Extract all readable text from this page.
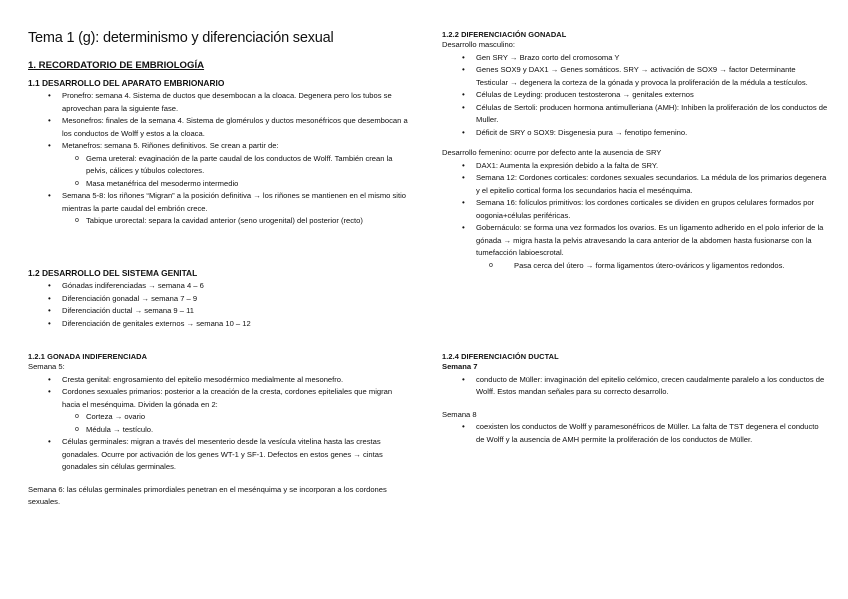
Tema 1 (g): determinismo y diferenciación sexual

1. RECORDATORIO DE EMBRIOLOGÍA

1.1 DESARROLLO DEL APARATO EMBRIONARIO

• Pronefro: semana 4. Sistema de ductos que desembocan a la cloaca. Degenera pero los tubos se aprovechan para la siguiente fase.
• Mesonefros: finales de la semana 4. Sistema de glomérulos y ductos mesonéfricos que desembocan a los conductos de Wolff y estos a la cloaca.
• Metanefros: semana 5. Riñones definitivos. Se crean a partir de:
o Gema ureteral: evaginación de la parte caudal de los conductos de Wolff. También crean la pelvis, cálices y túbulos colectores.
o Masa metanéfrica del mesodermo intermedio
• Semana 5-8: los riñones “Migran” a la posición definitiva → los riñones se mantienen en el mismo sitio mientras la parte caudal del embrión crece.
o Tabique urorectal: separa la cavidad anterior (seno urogenital) del posterior (recto)

1.2 DESARROLLO DEL SISTEMA GENITAL

• Gónadas indiferenciadas → semana 4 – 6
• Diferenciación gonadal → semana 7 – 9
• Diferenciación ductal → semana 9 – 11
• Diferenciación de genitales externos → semana 10 – 12

1.2.1 GONADA INDIFERENCIADA

Semana 5:

• Cresta genital: engrosamiento del epitelio mesodérmico medialmente al mesonefro.
• Cordones sexuales primarios: posterior a la creación de la cresta, cordones epiteliales que migran hacia el mesénquima. Dividen la gónada en 2:
o Corteza → ovario
o Médula → testículo.
• Células germinales: migran a través del mesenterio desde la vesícula vitelina hasta las crestas gonadales. Ocurre por activación de los genes WT-1 y SF-1. Defectos en estos genes → cintas gonadales sin células germinales.

Semana 6: las células germinales primordiales penetran en el mesénquima y se incorporan a los cordones sexuales.

1.2.2 DIFERENCIACIÓN GONADAL

Desarrollo masculino:

• Gen SRY → Brazo corto del cromosoma Y
• Genes SOX9 y DAX1 → Genes somáticos. SRY → activación de SOX9 → factor Determinante Testicular → degenera la corteza de la gónada y provoca la proliferación de la médula a testículos.
• Células de Leyding: producen testosterona → genitales externos
• Células de Sertoli: producen hormona antimulleriana (AMH): Inhiben la proliferación de los conductos de Muller.
• Déficit de SRY o SOX9: Disgenesia pura → fenotipo femenino.

Desarrollo femenino: ocurre por defecto ante la ausencia de SRY

• DAX1: Aumenta la expresión debido a la falta de SRY.
• Semana 12: Cordones corticales: cordones sexuales secundarios. La médula de los primarios degenera y el epitelio cortical forma los secundarios hacia el mesénquima.
• Semana 16: folículos primitivos: los cordones corticales se dividen en grupos celulares formados por oogonia+células periféricas.
• Gobernáculo: se forma una vez formados los ovarios. Es un ligamento adherido en el polo inferior de la gónada → migra hasta la pelvis atravesando la cara anterior de la abdomen hasta fusionarse con la tumefacción labioescrotal.
o Pasa cerca del útero → forma ligamentos útero-ováricos y ligamentos redondos.

1.2.4 DIFERENCIACIÓN DUCTAL

Semana 7

• conducto de Müller: invaginación del epitelio celómico, crecen caudalmente paralelo a los conductos de Wolff. Estos mandan señales para su correcto desarrollo.

Semana 8

• coexisten los conductos de Wolff y paramesonéfricos de Müller. La falta de TST degenera el conducto de Wolff y la ausencia de AMH permite la proliferación de los conductos de Müller.
